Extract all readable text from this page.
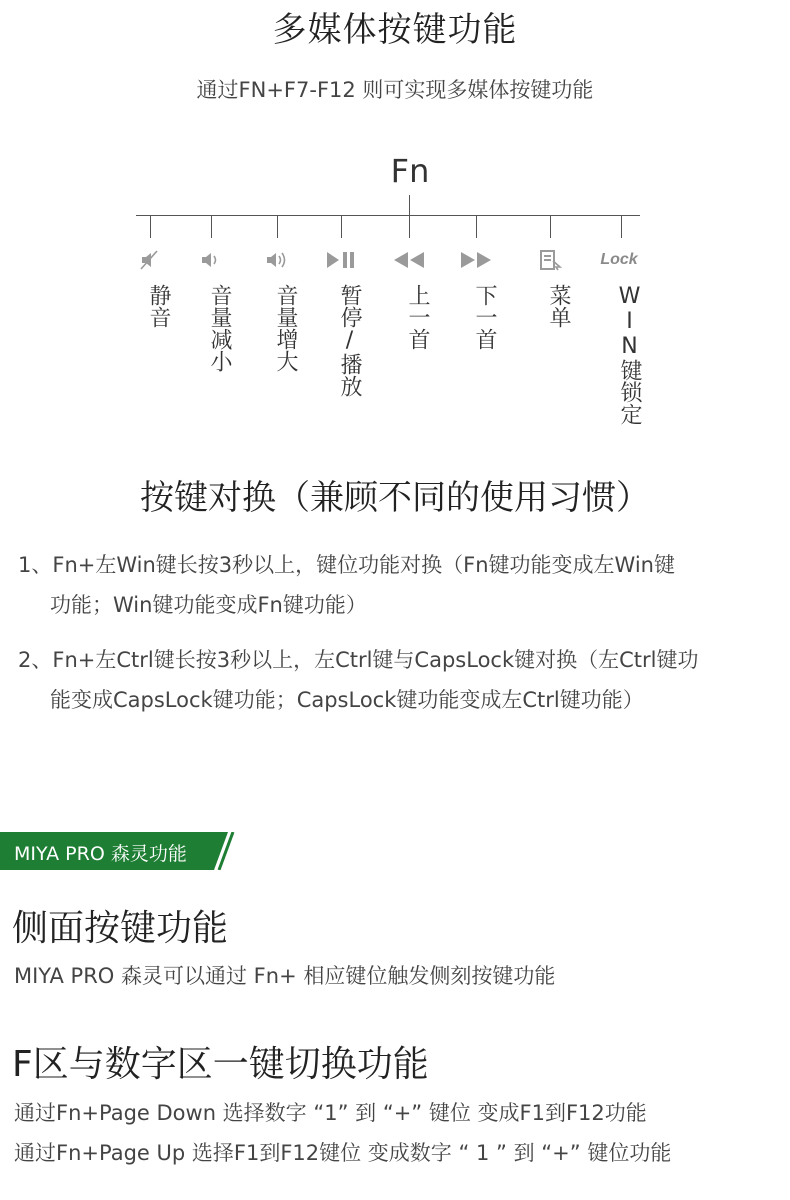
多媒体按键功能
通过FN+F7-F12 则可实现多媒体按键功能
Fn
Lock
静音	音量减小	音量增大	暂停/播放	上一首	下一首	菜单	WIN键锁定
按键对换（兼顾不同的使用习惯）
1、Fn+左Win键长按3秒以上，键位功能对换（Fn键功能变成左Win键
功能；Win键功能变成Fn键功能）
2、Fn+左Ctrl键长按3秒以上，左Ctrl键与CapsLock键对换（左Ctrl键功
能变成CapsLock键功能；CapsLock键功能变成左Ctrl键功能）
MIYA PRO 森灵功能
侧面按键功能
MIYA PRO 森灵可以通过 Fn+ 相应键位触发侧刻按键功能
F区与数字区一键切换功能
通过Fn+Page Down 选择数字 “1” 到 “+” 键位 变成F1到F12功能
通过Fn+Page Up 选择F1到F12键位 变成数字 “ 1 ” 到 “+” 键位功能
